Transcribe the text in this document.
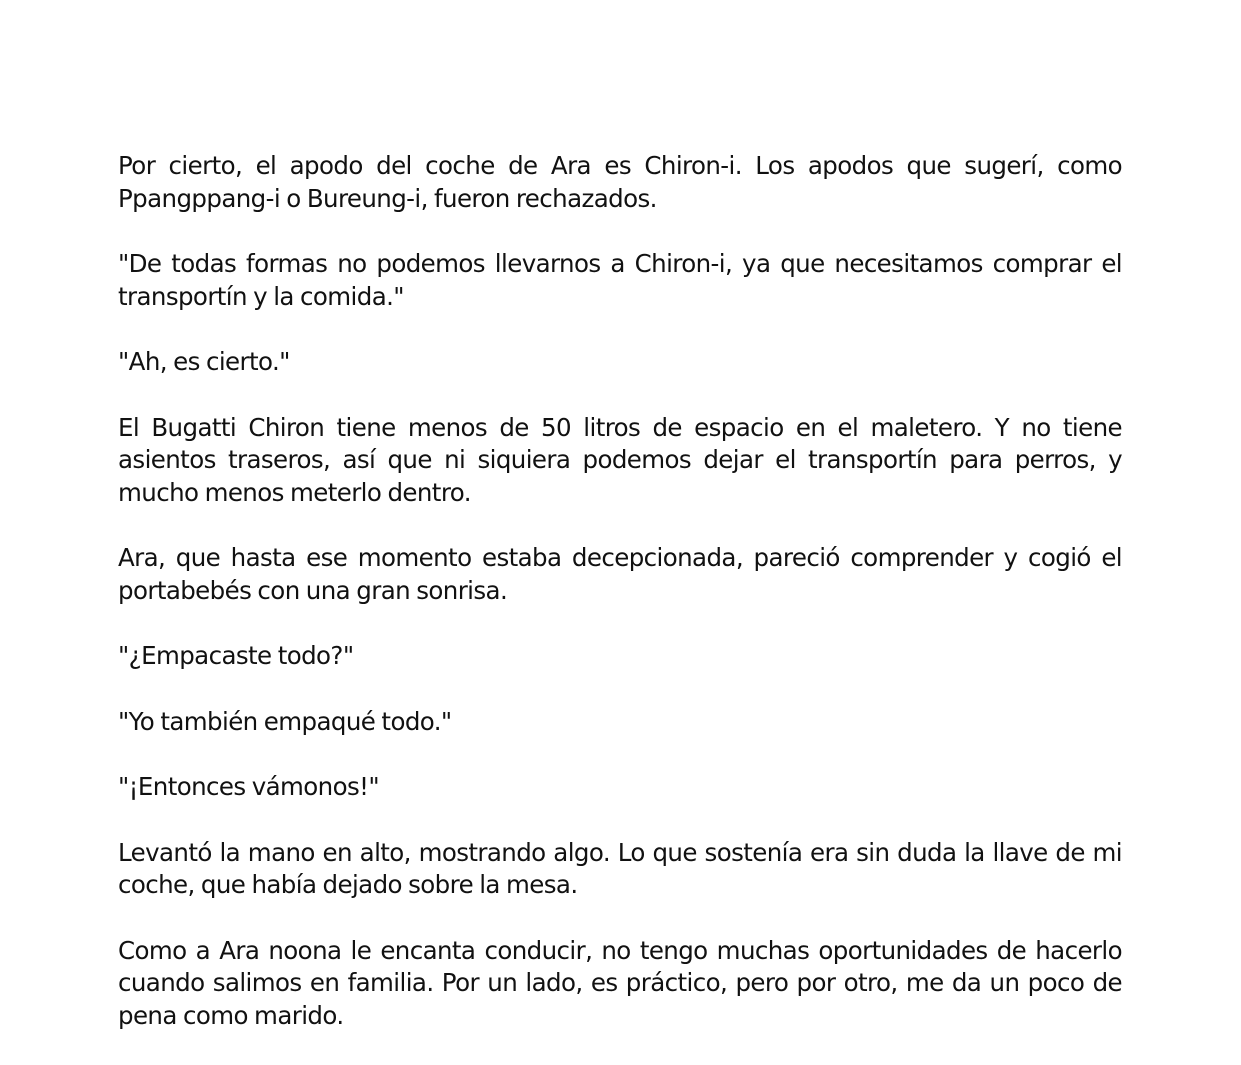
Por cierto, el apodo del coche de Ara es Chiron-i. Los apodos que sugerí, como Ppangppang-i o Bureung-i, fueron rechazados.

"De todas formas no podemos llevarnos a Chiron-i, ya que necesitamos comprar el transportín y la comida."

"Ah, es cierto."

El Bugatti Chiron tiene menos de 50 litros de espacio en el maletero. Y no tiene asientos traseros, así que ni siquiera podemos dejar el transportín para perros, y mucho menos meterlo dentro.

Ara, que hasta ese momento estaba decepcionada, pareció comprender y cogió el portabebés con una gran sonrisa.

"¿Empacaste todo?"

"Yo también empaqué todo."

"¡Entonces vámonos!"

Levantó la mano en alto, mostrando algo. Lo que sostenía era sin duda la llave de mi coche, que había dejado sobre la mesa.

Como a Ara noona le encanta conducir, no tengo muchas oportunidades de hacerlo cuando salimos en familia. Por un lado, es práctico, pero por otro, me da un poco de pena como marido.
